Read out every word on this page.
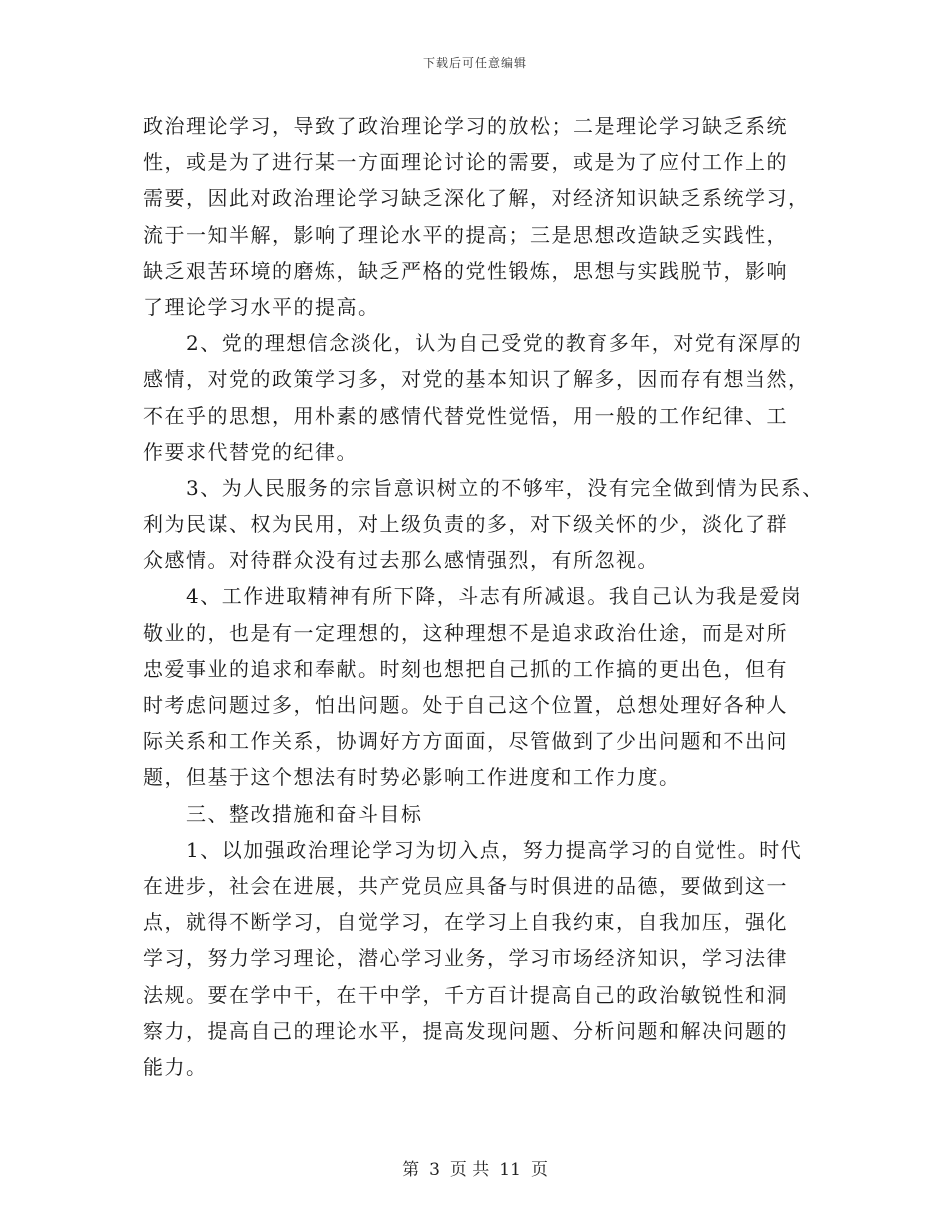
下载后可任意编辑
政治理论学习，导致了政治理论学习的放松；二是理论学习缺乏系统
性，或是为了进行某一方面理论讨论的需要，或是为了应付工作上的
需要，因此对政治理论学习缺乏深化了解，对经济知识缺乏系统学习，
流于一知半解，影响了理论水平的提高；三是思想改造缺乏实践性，
缺乏艰苦环境的磨炼，缺乏严格的党性锻炼，思想与实践脱节，影响
了理论学习水平的提高。
　　2、党的理想信念淡化，认为自己受党的教育多年，对党有深厚的
感情，对党的政策学习多，对党的基本知识了解多，因而存有想当然，
不在乎的思想，用朴素的感情代替党性觉悟，用一般的工作纪律、工
作要求代替党的纪律。
　　3、为人民服务的宗旨意识树立的不够牢，没有完全做到情为民系、
利为民谋、权为民用，对上级负责的多，对下级关怀的少，淡化了群
众感情。对待群众没有过去那么感情强烈，有所忽视。
　　4、工作进取精神有所下降，斗志有所减退。我自己认为我是爱岗
敬业的，也是有一定理想的，这种理想不是追求政治仕途，而是对所
忠爱事业的追求和奉献。时刻也想把自己抓的工作搞的更出色，但有
时考虑问题过多，怕出问题。处于自己这个位置，总想处理好各种人
际关系和工作关系，协调好方方面面，尽管做到了少出问题和不出问
题，但基于这个想法有时势必影响工作进度和工作力度。
　　三、整改措施和奋斗目标
　　1、以加强政治理论学习为切入点，努力提高学习的自觉性。时代
在进步，社会在进展，共产党员应具备与时俱进的品德，要做到这一
点，就得不断学习，自觉学习，在学习上自我约束，自我加压，强化
学习，努力学习理论，潜心学习业务，学习市场经济知识，学习法律
法规。要在学中干，在干中学，千方百计提高自己的政治敏锐性和洞
察力，提高自己的理论水平，提高发现问题、分析问题和解决问题的
能力。
第 3 页 共 11 页
